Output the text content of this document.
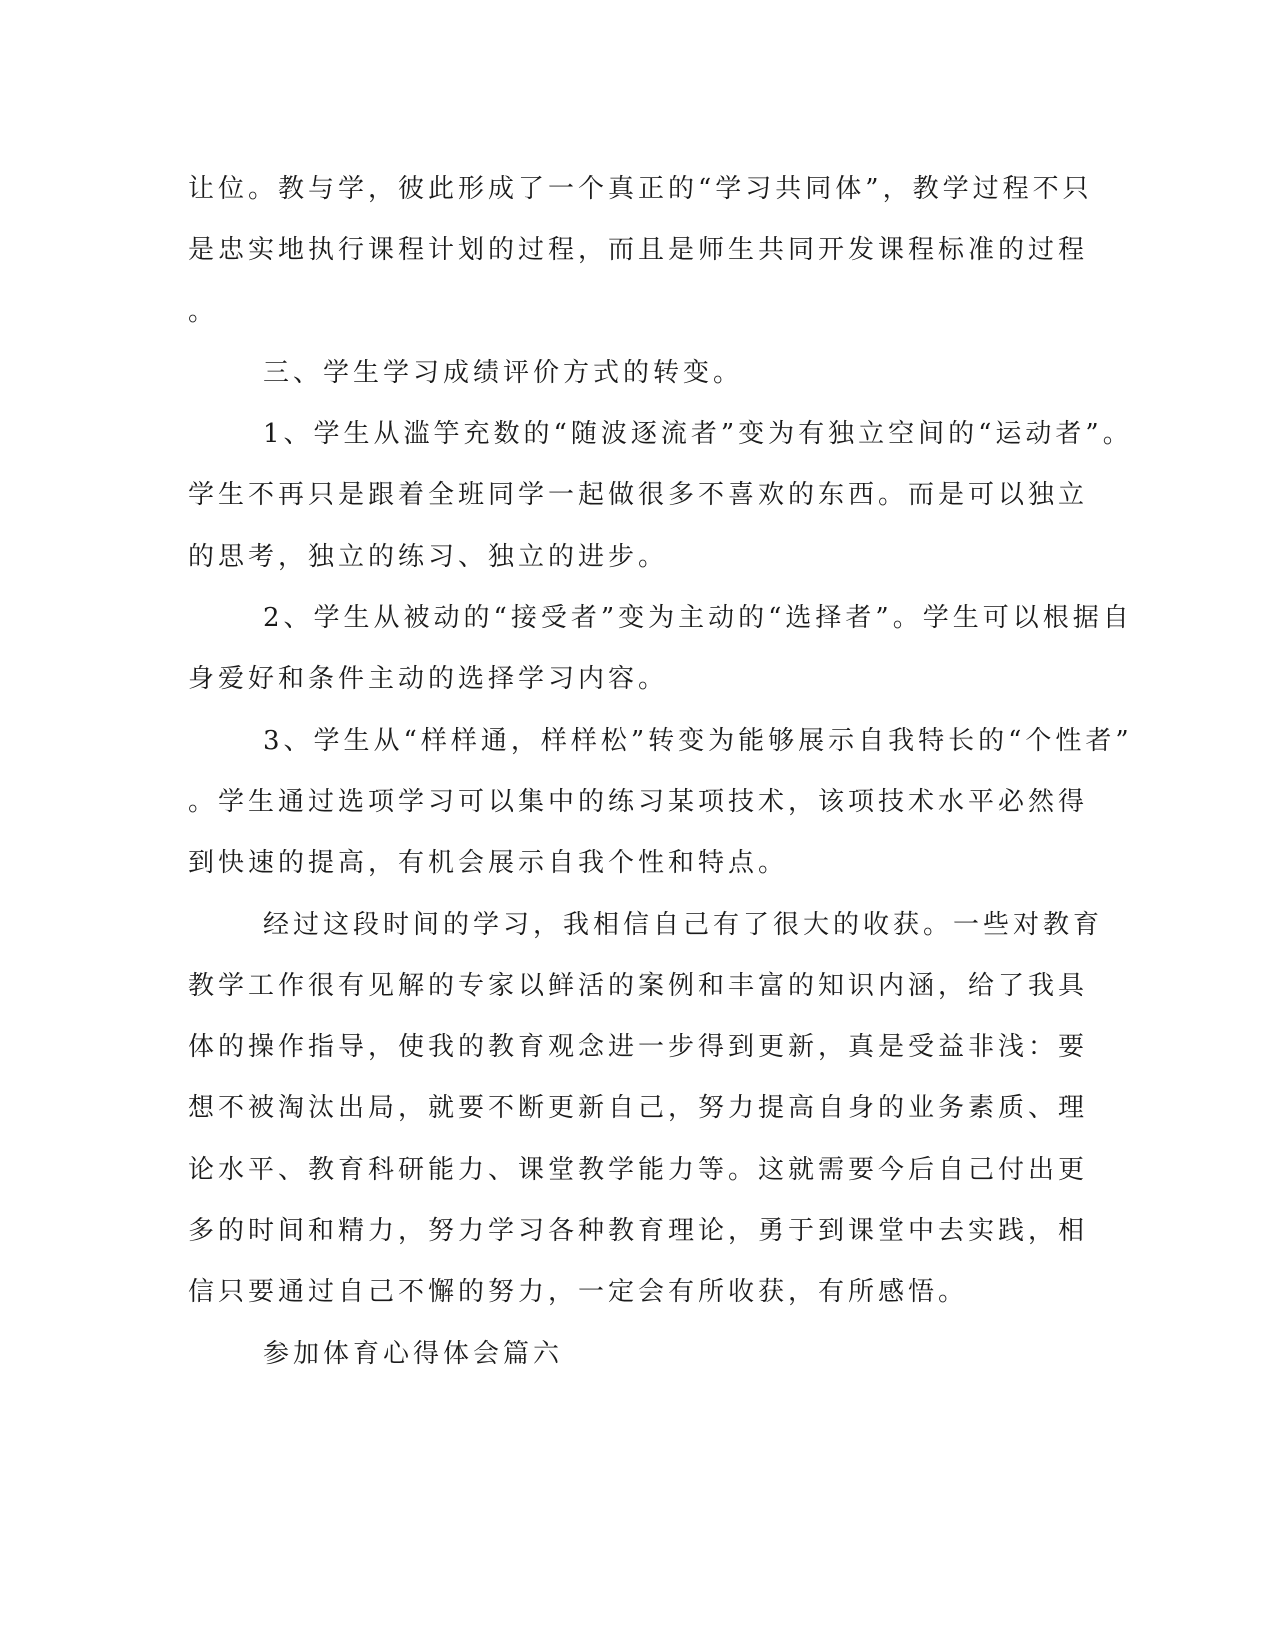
让位。教与学，彼此形成了一个真正的“学习共同体”，教学过程不只
是忠实地执行课程计划的过程，而且是师生共同开发课程标准的过程
。
三、学生学习成绩评价方式的转变。
1、学生从滥竽充数的“随波逐流者”变为有独立空间的“运动者”。
学生不再只是跟着全班同学一起做很多不喜欢的东西。而是可以独立
的思考，独立的练习、独立的进步。
2、学生从被动的“接受者”变为主动的“选择者”。学生可以根据自
身爱好和条件主动的选择学习内容。
3、学生从“样样通，样样松”转变为能够展示自我特长的“个性者”
。学生通过选项学习可以集中的练习某项技术，该项技术水平必然得
到快速的提高，有机会展示自我个性和特点。
经过这段时间的学习，我相信自己有了很大的收获。一些对教育
教学工作很有见解的专家以鲜活的案例和丰富的知识内涵，给了我具
体的操作指导，使我的教育观念进一步得到更新，真是受益非浅：要
想不被淘汰出局，就要不断更新自己，努力提高自身的业务素质、理
论水平、教育科研能力、课堂教学能力等。这就需要今后自己付出更
多的时间和精力，努力学习各种教育理论，勇于到课堂中去实践，相
信只要通过自己不懈的努力，一定会有所收获，有所感悟。
参加体育心得体会篇六
